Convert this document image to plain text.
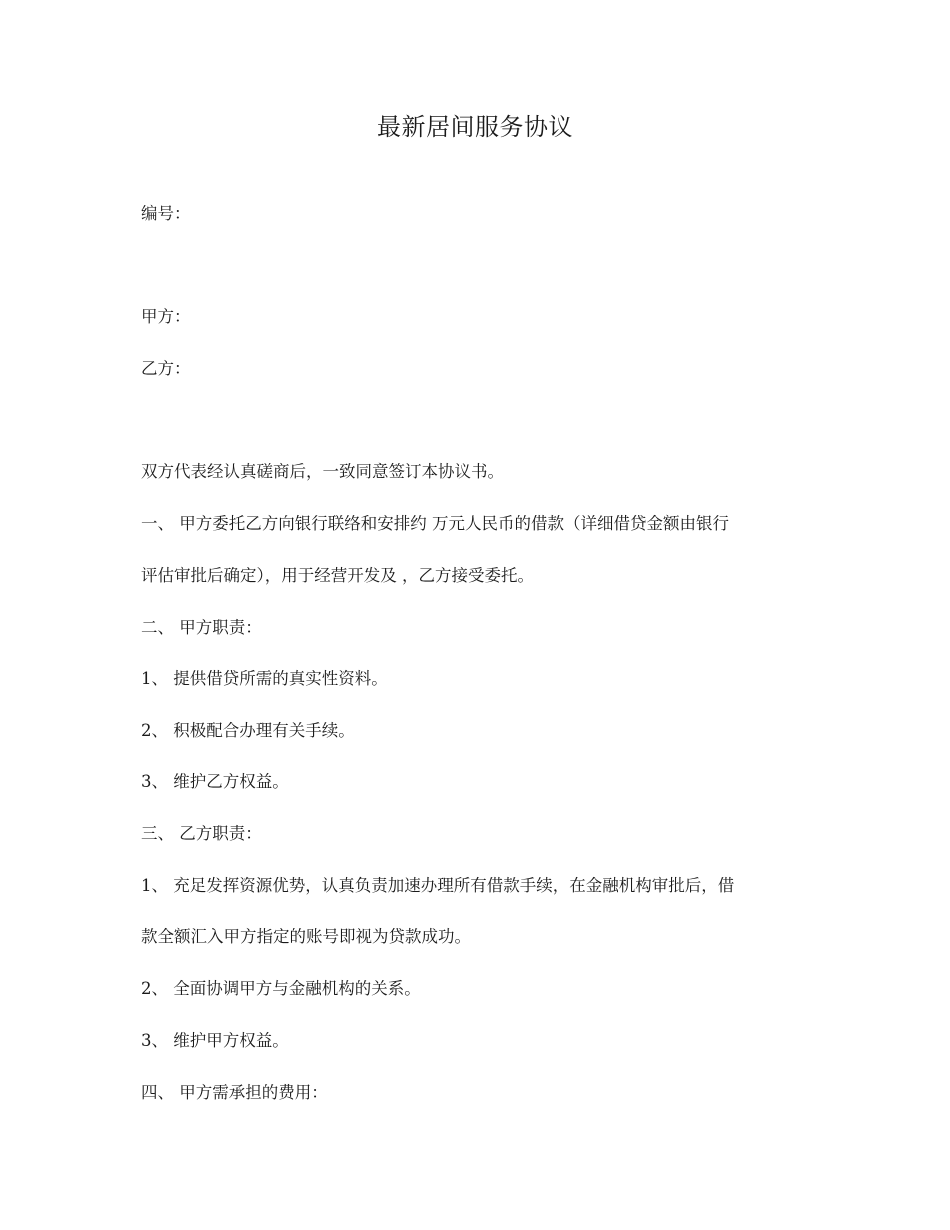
最新居间服务协议
编号：
甲方：
乙方：
双方代表经认真磋商后，一致同意签订本协议书。
一、 甲方委托乙方向银行联络和安排约 万元人民币的借款（详细借贷金额由银行
评估审批后确定），用于经营开发及 ，乙方接受委托。
二、 甲方职责：
1、 提供借贷所需的真实性资料。
2、 积极配合办理有关手续。
3、 维护乙方权益。
三、 乙方职责：
1、 充足发挥资源优势，认真负责加速办理所有借款手续，在金融机构审批后，借
款全额汇入甲方指定的账号即视为贷款成功。
2、 全面协调甲方与金融机构的关系。
3、 维护甲方权益。
四、 甲方需承担的费用：
